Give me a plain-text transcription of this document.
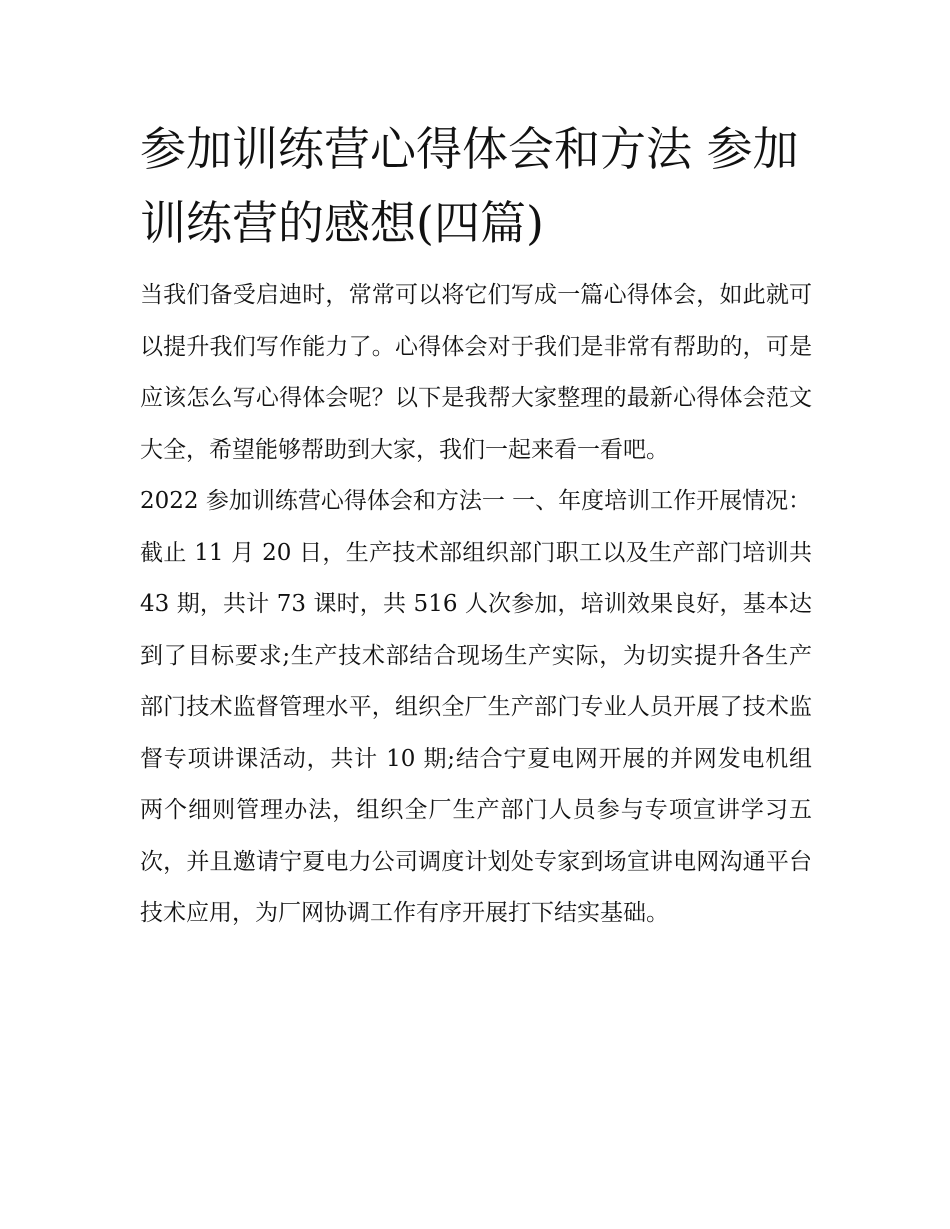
参加训练营心得体会和方法 参加训练营的感想(四篇)

当我们备受启迪时，常常可以将它们写成一篇心得体会，如此就可以提升我们写作能力了。心得体会对于我们是非常有帮助的，可是应该怎么写心得体会呢？以下是我帮大家整理的最新心得体会范文大全，希望能够帮助到大家，我们一起来看一看吧。

2022 参加训练营心得体会和方法一 一、年度培训工作开展情况：

截止 11 月 20 日，生产技术部组织部门职工以及生产部门培训共 43 期，共计 73 课时，共 516 人次参加，培训效果良好，基本达到了目标要求;生产技术部结合现场生产实际，为切实提升各生产部门技术监督管理水平，组织全厂生产部门专业人员开展了技术监督专项讲课活动，共计 10 期;结合宁夏电网开展的并网发电机组两个细则管理办法，组织全厂生产部门人员参与专项宣讲学习五次，并且邀请宁夏电力公司调度计划处专家到场宣讲电网沟通平台技术应用，为厂网协调工作有序开展打下结实基础。
